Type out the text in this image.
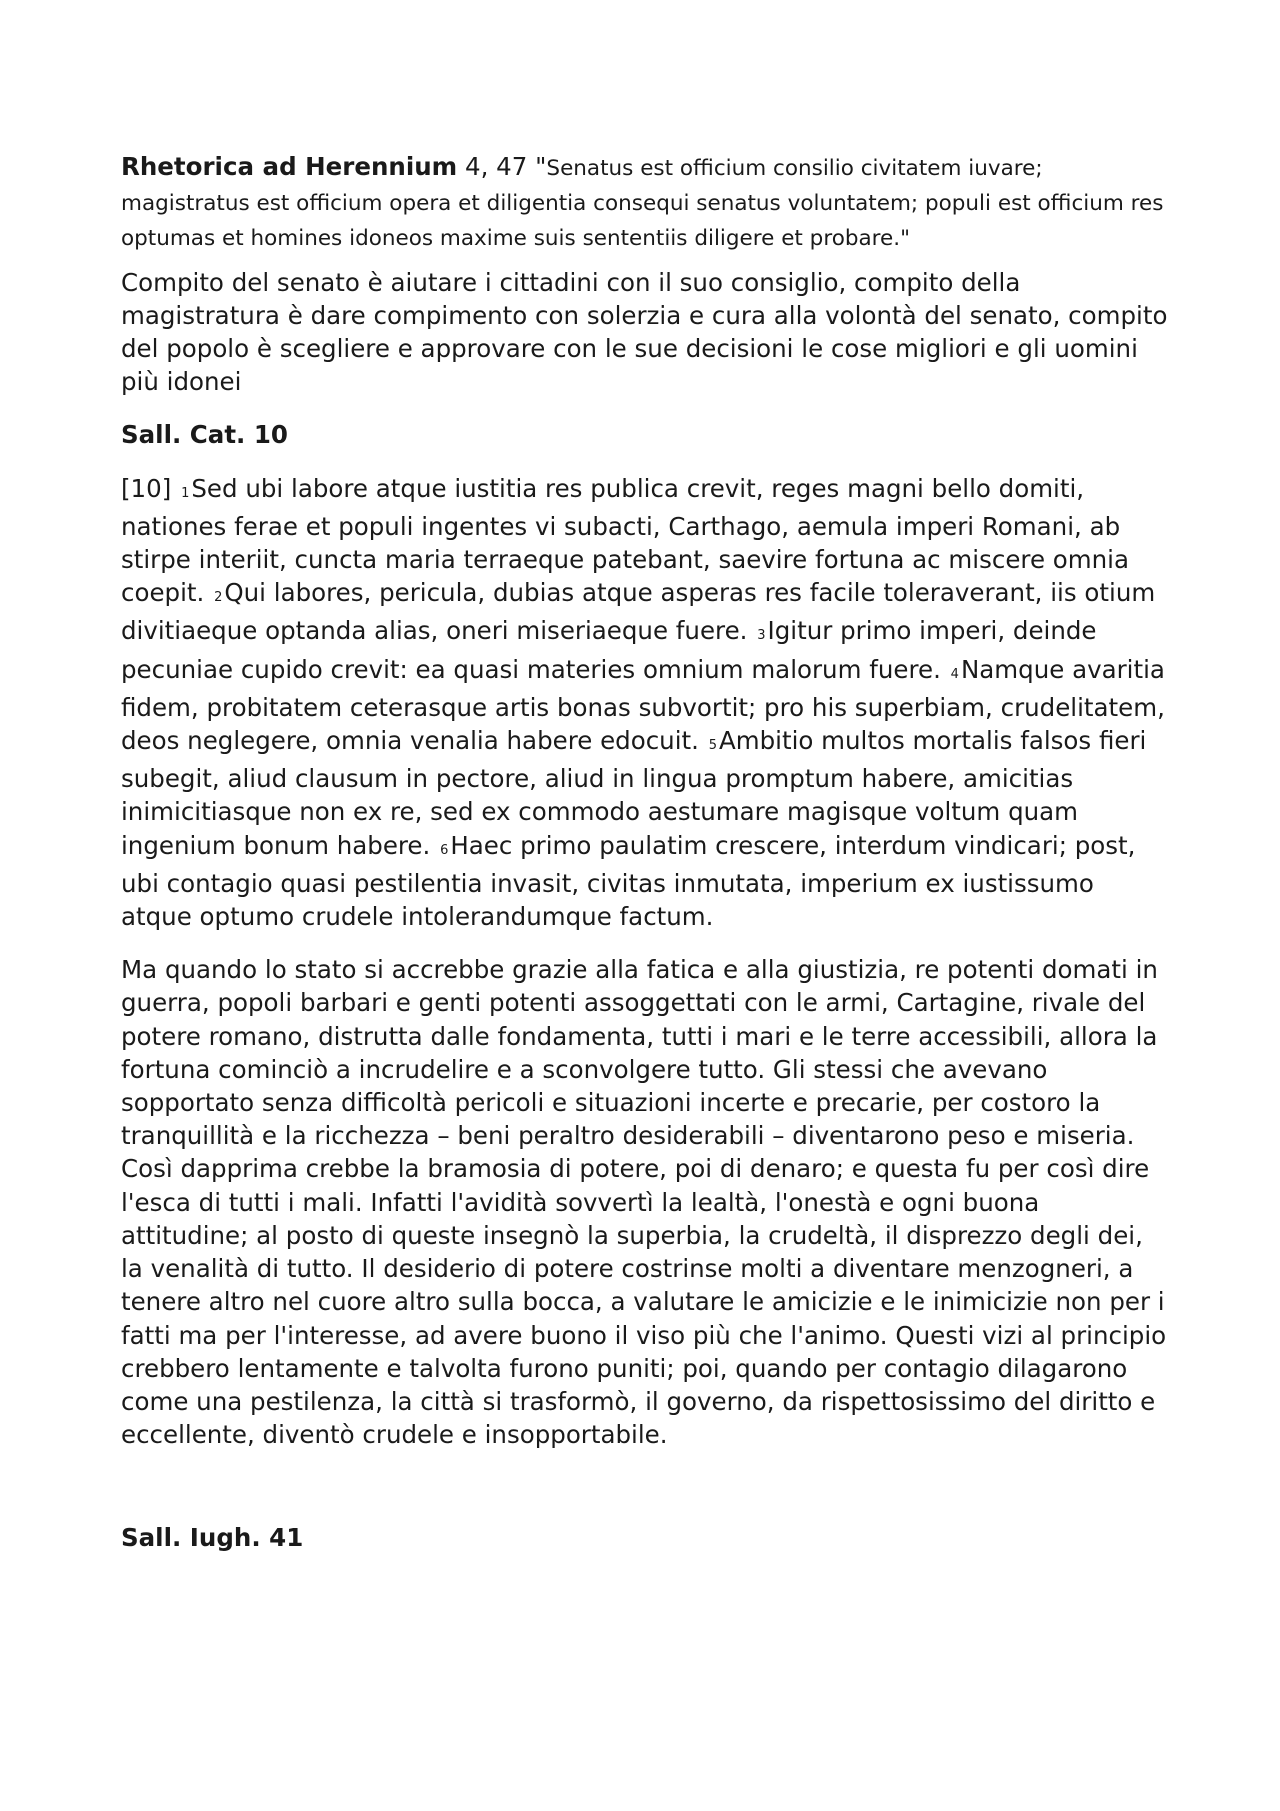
Rhetorica ad Herennium 4, 47 "Senatus est officium consilio civitatem iuvare; magistratus est officium opera et diligentia consequi senatus voluntatem; populi est officium res optumas et homines idoneos maxime suis sententiis diligere et probare."

Compito del senato è aiutare i cittadini con il suo consiglio, compito della magistratura è dare compimento con solerzia e cura alla volontà del senato, compito del popolo è scegliere e approvare con le sue decisioni le cose migliori e gli uomini più idonei

Sall. Cat. 10

[10] 1Sed ubi labore atque iustitia res publica crevit, reges magni bello domiti, nationes ferae et populi ingentes vi subacti, Carthago, aemula imperi Romani, ab stirpe interiit, cuncta maria terraeque patebant, saevire fortuna ac miscere omnia coepit. 2Qui labores, pericula, dubias atque asperas res facile toleraverant, iis otium divitiaeque optanda alias, oneri miseriaeque fuere. 3Igitur primo imperi, deinde pecuniae cupido crevit: ea quasi materies omnium malorum fuere. 4Namque avaritia fidem, probitatem ceterasque artis bonas subvortit; pro his superbiam, crudelitatem, deos neglegere, omnia venalia habere edocuit. 5Ambitio multos mortalis falsos fieri subegit, aliud clausum in pectore, aliud in lingua promptum habere, amicitias inimicitiasque non ex re, sed ex commodo aestumare magisque voltum quam ingenium bonum habere. 6Haec primo paulatim crescere, interdum vindicari; post, ubi contagio quasi pestilentia invasit, civitas inmutata, imperium ex iustissumo atque optumo crudele intolerandumque factum.

Ma quando lo stato si accrebbe grazie alla fatica e alla giustizia, re potenti domati in guerra, popoli barbari e genti potenti assoggettati con le armi, Cartagine, rivale del potere romano, distrutta dalle fondamenta, tutti i mari e le terre accessibili, allora la fortuna cominciò a incrudelire e a sconvolgere tutto. Gli stessi che avevano sopportato senza difficoltà pericoli e situazioni incerte e precarie, per costoro la tranquillità e la ricchezza – beni peraltro desiderabili – diventarono peso e miseria. Così dapprima crebbe la bramosia di potere, poi di denaro; e questa fu per così dire l'esca di tutti i mali. Infatti l'avidità sovvertì la lealtà, l'onestà e ogni buona attitudine; al posto di queste insegnò la superbia, la crudeltà, il disprezzo degli dei, la venalità di tutto. Il desiderio di potere costrinse molti a diventare menzogneri, a tenere altro nel cuore altro sulla bocca, a valutare le amicizie e le inimicizie non per i fatti ma per l'interesse, ad avere buono il viso più che l'animo. Questi vizi al principio crebbero lentamente e talvolta furono puniti; poi, quando per contagio dilagarono come una pestilenza, la città si trasformò, il governo, da rispettosissimo del diritto e eccellente, diventò crudele e insopportabile.

Sall. Iugh. 41
